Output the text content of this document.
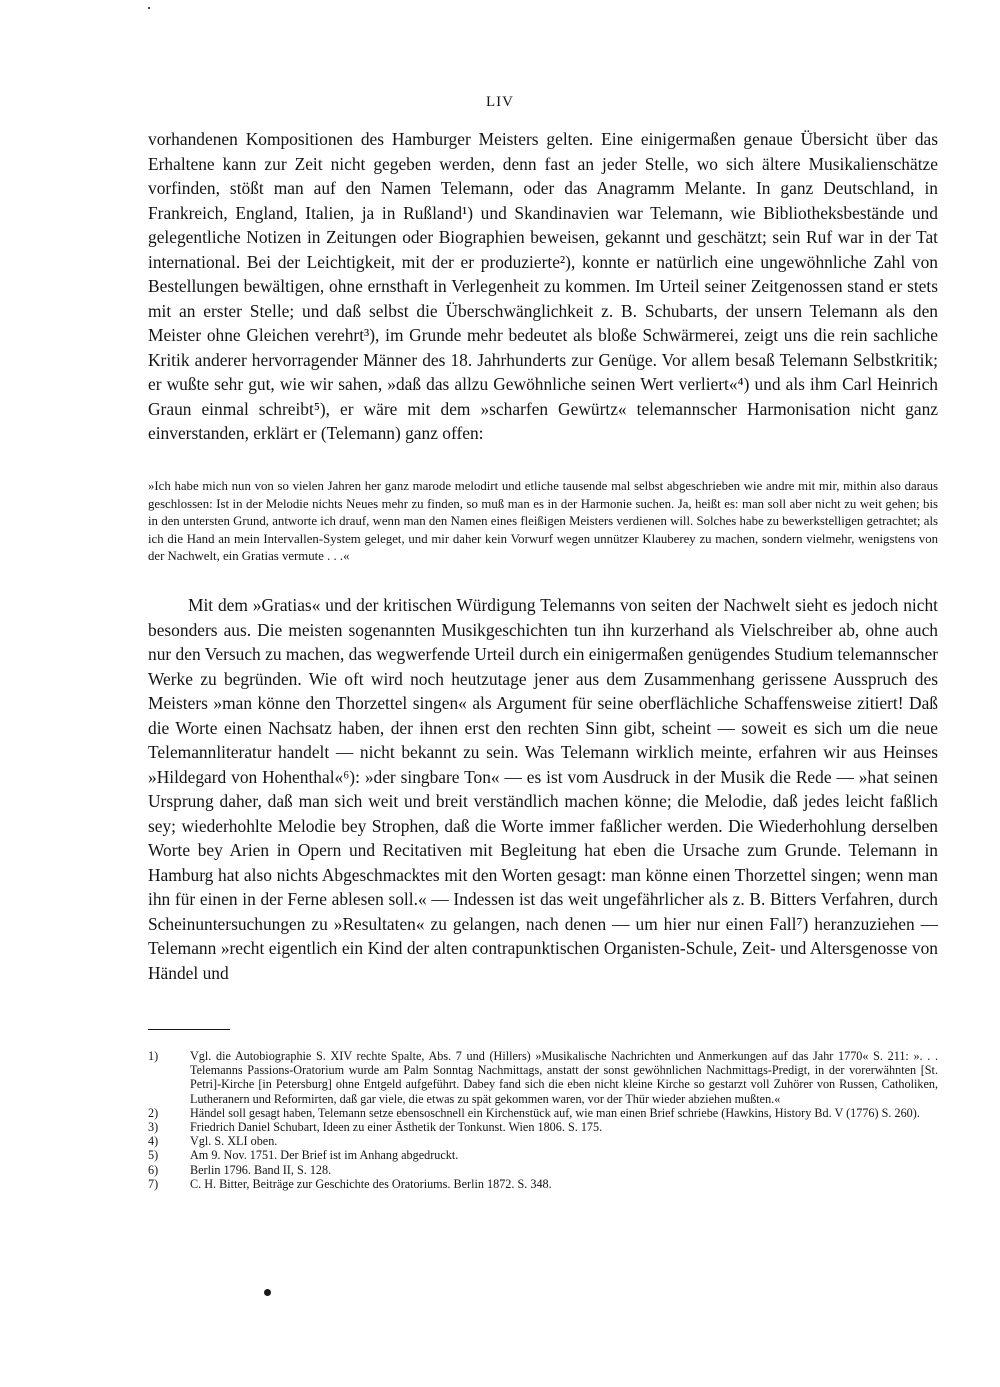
LIV

vorhandenen Kompositionen des Hamburger Meisters gelten. Eine einigermaßen genaue Übersicht über das Erhaltene kann zur Zeit nicht gegeben werden, denn fast an jeder Stelle, wo sich ältere Musikalienschätze vorfinden, stößt man auf den Namen Telemann, oder das Anagramm Melante. In ganz Deutschland, in Frankreich, England, Italien, ja in Rußland¹) und Skandinavien war Telemann, wie Bibliotheksbestände und gelegentliche Notizen in Zeitungen oder Biographien beweisen, gekannt und geschätzt; sein Ruf war in der Tat international. Bei der Leichtigkeit, mit der er produzierte²), konnte er natürlich eine ungewöhnliche Zahl von Bestellungen bewältigen, ohne ernsthaft in Verlegenheit zu kommen. Im Urteil seiner Zeitgenossen stand er stets mit an erster Stelle; und daß selbst die Überschwänglichkeit z. B. Schubarts, der unsern Telemann als den Meister ohne Gleichen verehrt³), im Grunde mehr bedeutet als bloße Schwärmerei, zeigt uns die rein sachliche Kritik anderer hervorragender Männer des 18. Jahrhunderts zur Genüge. Vor allem besaß Telemann Selbstkritik; er wußte sehr gut, wie wir sahen, »daß das allzu Gewöhnliche seinen Wert verliert«⁴) und als ihm Carl Heinrich Graun einmal schreibt⁵), er wäre mit dem »scharfen Gewürtz« telemannscher Harmonisation nicht ganz einverstanden, erklärt er (Telemann) ganz offen:

»Ich habe mich nun von so vielen Jahren her ganz marode melodirt und etliche tausende mal selbst abgeschrieben wie andre mit mir, mithin also daraus geschlossen: Ist in der Melodie nichts Neues mehr zu finden, so muß man es in der Harmonie suchen. Ja, heißt es: man soll aber nicht zu weit gehen; bis in den untersten Grund, antworte ich drauf, wenn man den Namen eines fleißigen Meisters verdienen will. Solches habe zu bewerkstelligen getrachtet; als ich die Hand an mein Intervallen-System geleget, und mir daher kein Vorwurf wegen unnützer Klauberey zu machen, sondern vielmehr, wenigstens von der Nachwelt, ein Gratias vermute . . .«

Mit dem »Gratias« und der kritischen Würdigung Telemanns von seiten der Nachwelt sieht es jedoch nicht besonders aus. Die meisten sogenannten Musikgeschichten tun ihn kurzerhand als Vielschreiber ab, ohne auch nur den Versuch zu machen, das wegwerfende Urteil durch ein einigermaßen genügendes Studium telemannscher Werke zu begründen. Wie oft wird noch heutzutage jener aus dem Zusammenhang gerissene Ausspruch des Meisters »man könne den Thorzettel singen« als Argument für seine oberflächliche Schaffensweise zitiert! Daß die Worte einen Nachsatz haben, der ihnen erst den rechten Sinn gibt, scheint — soweit es sich um die neue Telemannliteratur handelt — nicht bekannt zu sein. Was Telemann wirklich meinte, erfahren wir aus Heinses »Hildegard von Hohenthal«⁶): »der singbare Ton« — es ist vom Ausdruck in der Musik die Rede — »hat seinen Ursprung daher, daß man sich weit und breit verständlich machen könne; die Melodie, daß jedes leicht faßlich sey; wiederhohlte Melodie bey Strophen, daß die Worte immer faßlicher werden. Die Wiederhohlung derselben Worte bey Arien in Opern und Recitativen mit Begleitung hat eben die Ursache zum Grunde. Telemann in Hamburg hat also nichts Abgeschmacktes mit den Worten gesagt: man könne einen Thorzettel singen; wenn man ihn für einen in der Ferne ablesen soll.« — Indessen ist das weit ungefährlicher als z. B. Bitters Verfahren, durch Scheinuntersuchungen zu »Resultaten« zu gelangen, nach denen — um hier nur einen Fall⁷) heranzuziehen — Telemann »recht eigentlich ein Kind der alten contrapunktischen Organisten-Schule, Zeit- und Altersgenosse von Händel und

1)	Vgl. die Autobiographie S. XIV rechte Spalte, Abs. 7 und (Hillers) »Musikalische Nachrichten und Anmerkungen auf das Jahr 1770« S. 211: ». . . Telemanns Passions-Oratorium wurde am Palm Sonntag Nachmittags, anstatt der sonst gewöhnlichen Nachmittags-Predigt, in der vorerwähnten [St. Petri]-Kirche [in Petersburg] ohne Entgeld aufgeführt. Dabey fand sich die eben nicht kleine Kirche so gestarzt voll Zuhörer von Russen, Catholiken, Lutheranern und Reformirten, daß gar viele, die etwas zu spät gekommen waren, vor der Thür wieder abziehen mußten.«

2)	Händel soll gesagt haben, Telemann setze ebensoschnell ein Kirchenstück auf, wie man einen Brief schriebe (Hawkins, History Bd. V (1776) S. 260).

3)	Friedrich Daniel Schubart, Ideen zu einer Ästhetik der Tonkunst. Wien 1806. S. 175.

4)	Vgl. S. XLI oben.

5)	Am 9. Nov. 1751. Der Brief ist im Anhang abgedruckt.

6)	Berlin 1796. Band II, S. 128.

7)	C. H. Bitter, Beiträge zur Geschichte des Oratoriums. Berlin 1872. S. 348.
